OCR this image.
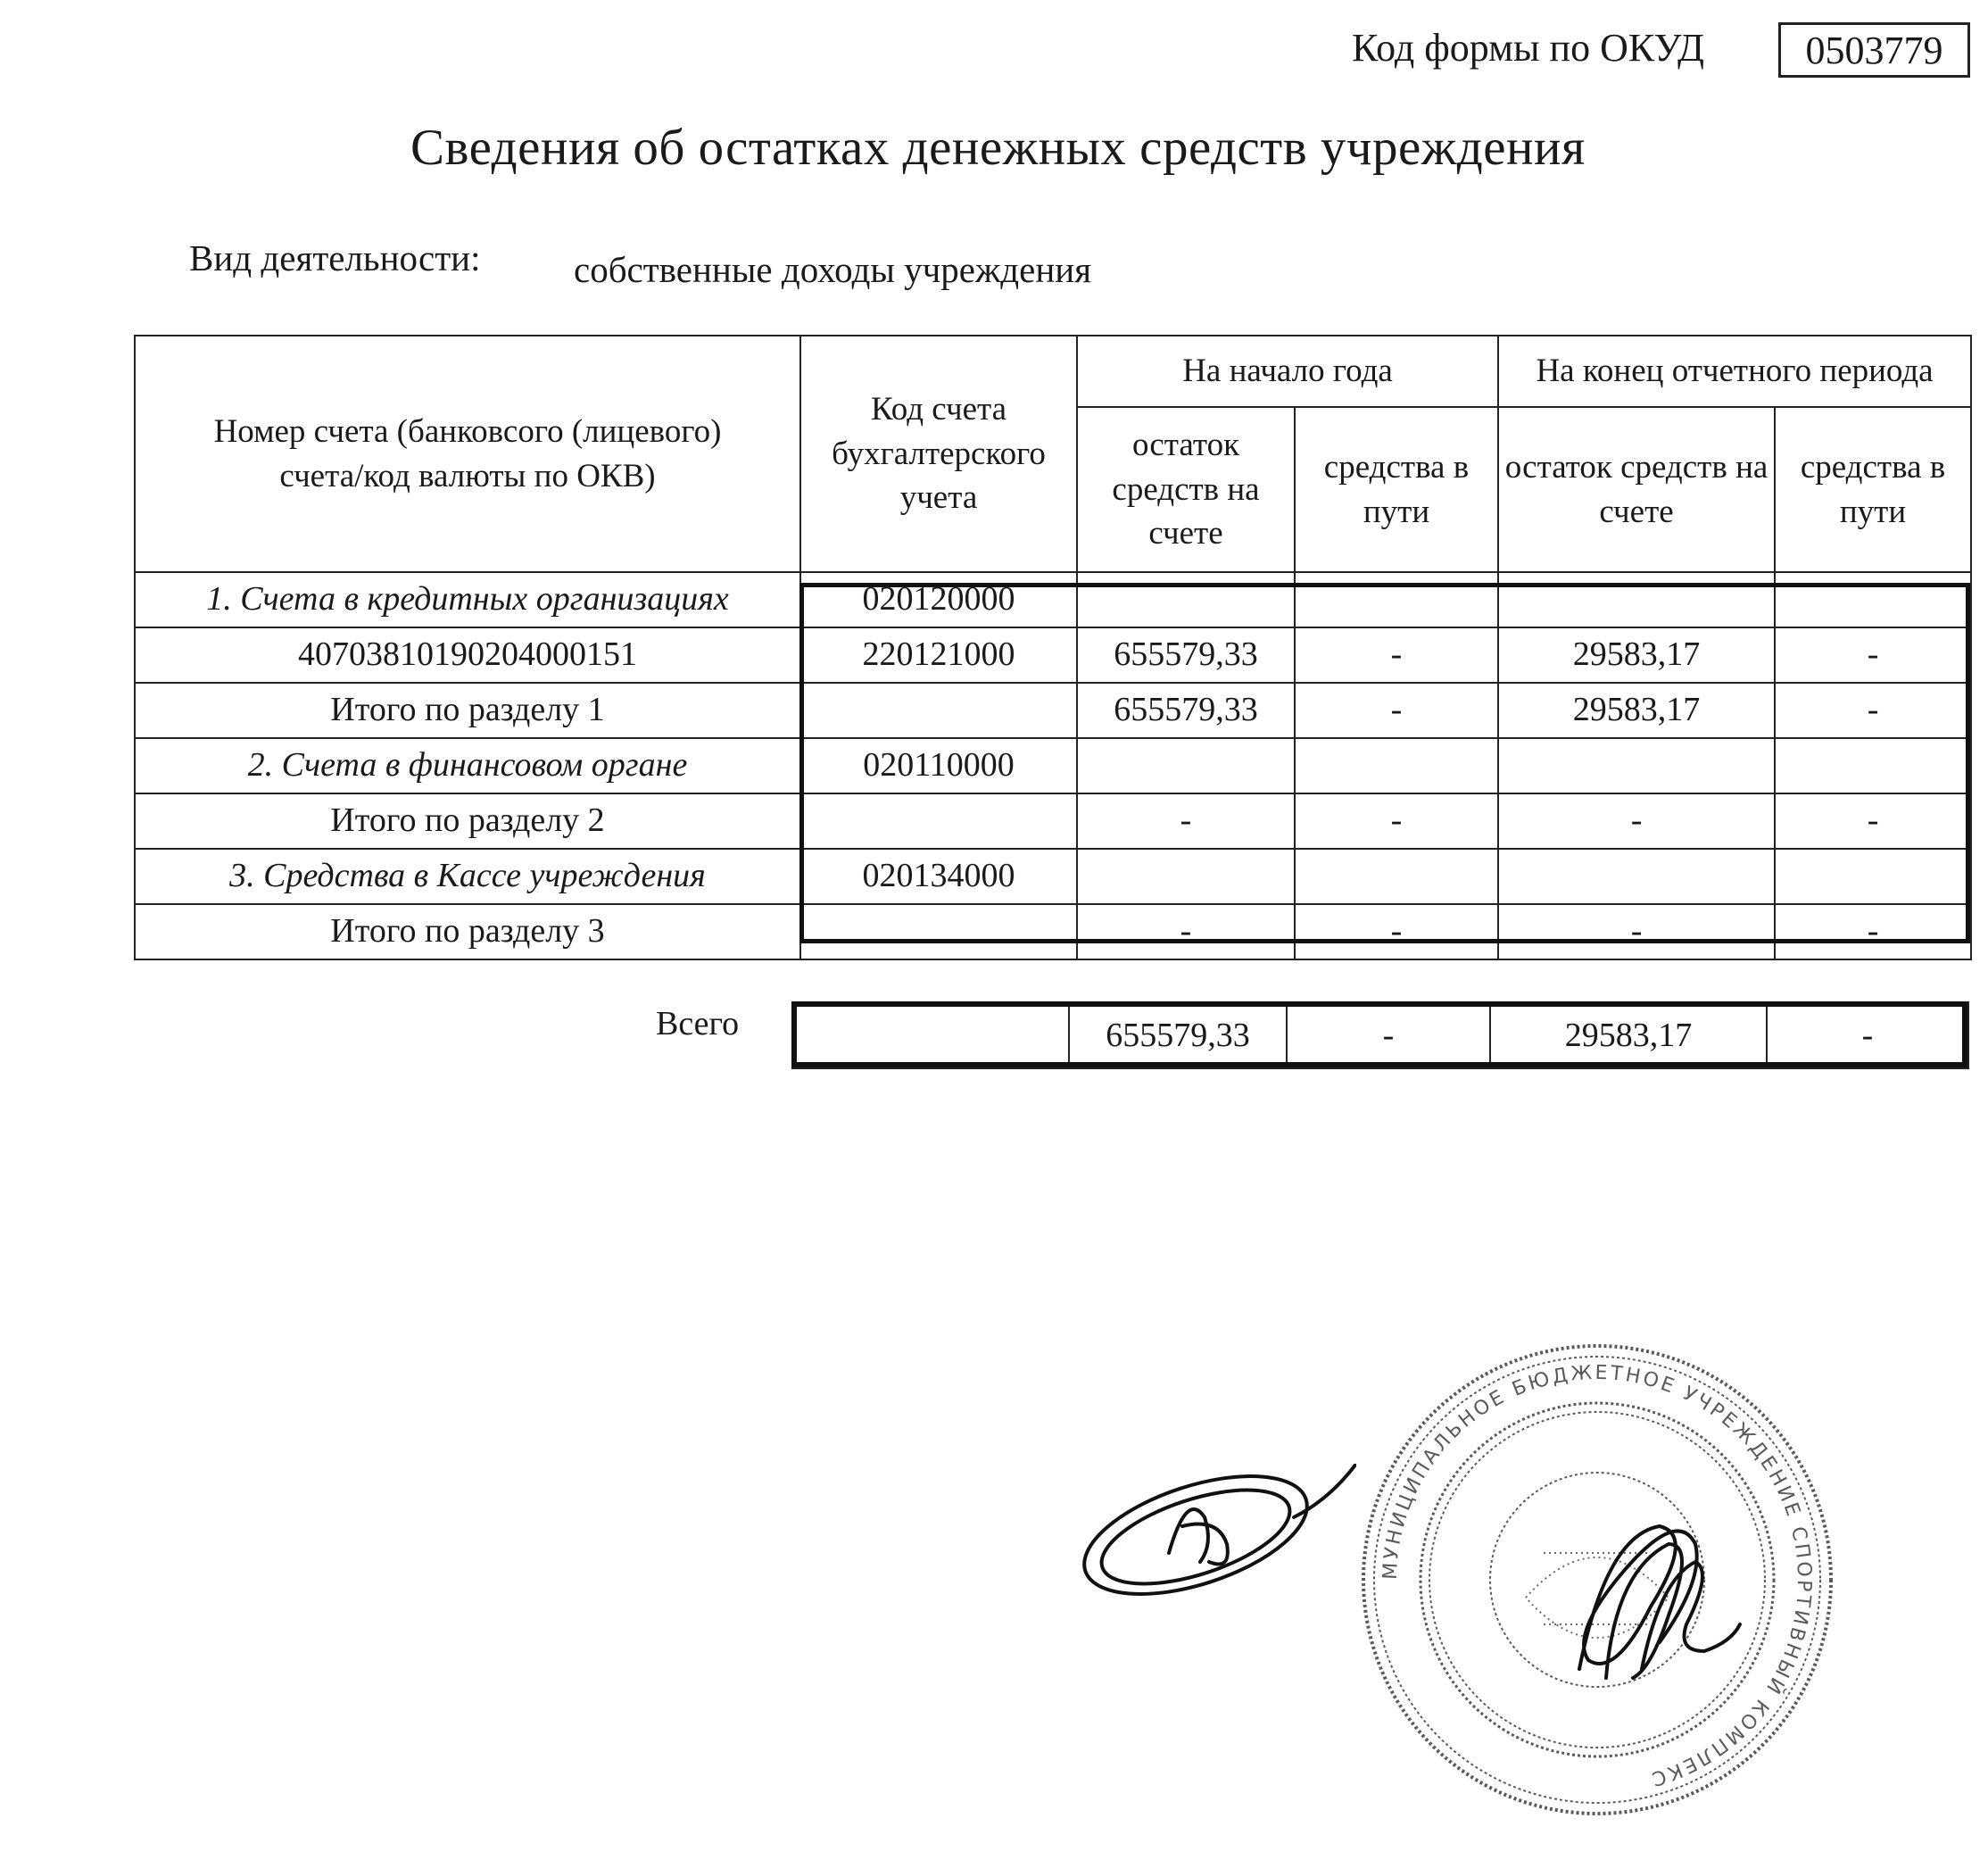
Код формы по ОКУД	0503779
Сведения об остатках денежных средств учреждения
Вид деятельности:	собственные доходы учреждения
Номер счета (банковсого (лицевого) счета/код валюты по ОКВ)	Код счета бухгалтерского учета	На начало года		На конец отчетного периода	
		остаток средств на счете	средства в пути	остаток средств на счете	средства в пути
1. Счета в кредитных организациях	020120000				
40703810190204000151	220121000	655579,33	-	29583,17	-
Итого по разделу 1		655579,33	-	29583,17	-
2. Счета в финансовом органе	020110000				
Итого по разделу 2		-	-	-	-
3. Средства в Кассе учреждения	020134000				
Итого по разделу 3		-	-	-	-
Всего
		655579,33	-	29583,17	-
МУНИЦИПАЛЬНОЕ БЮДЖЕТНОЕ УЧРЕЖДЕНИЕ СПОРТИВНЫЙ КОМПЛЕКС
